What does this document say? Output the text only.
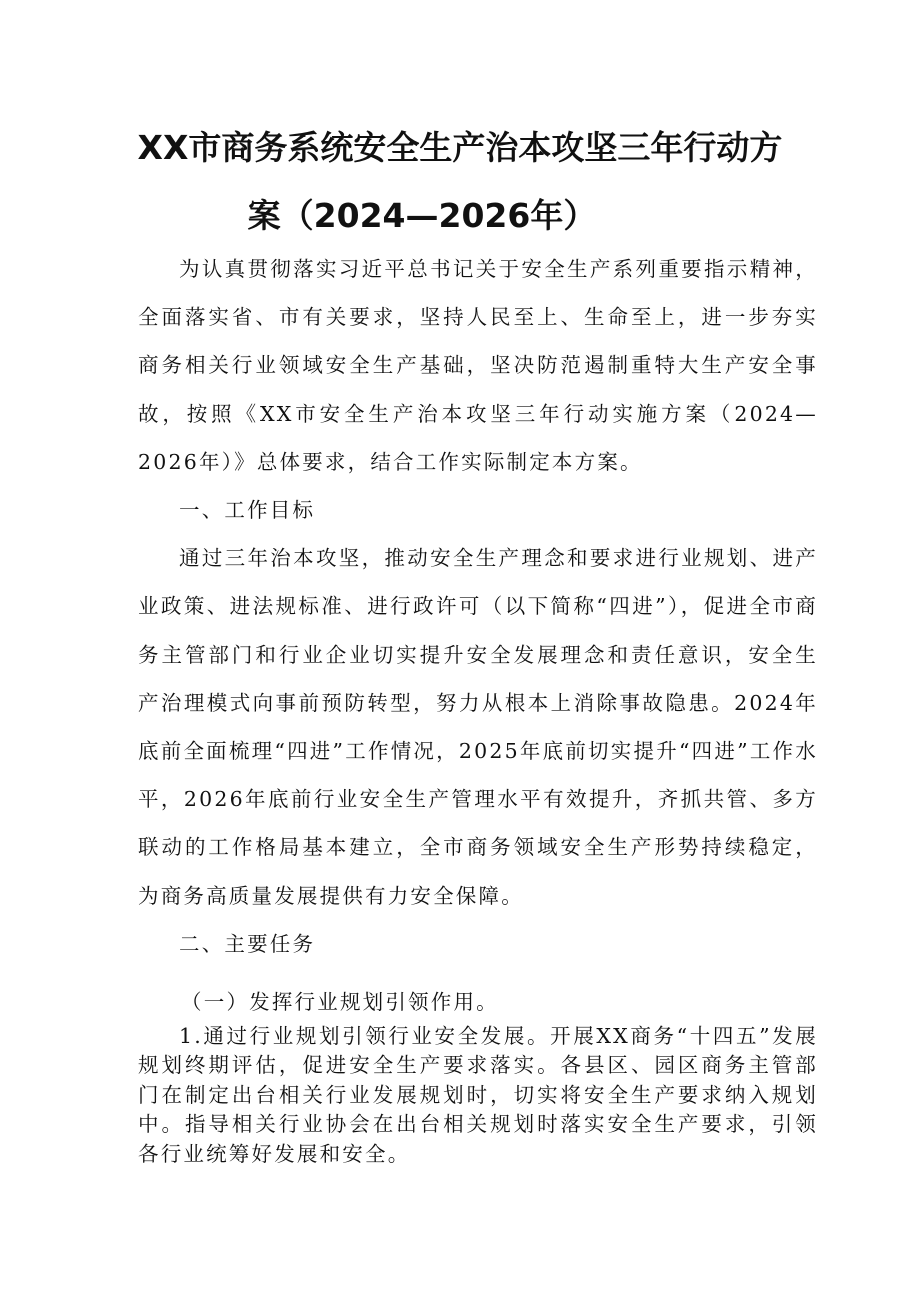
XX市商务系统安全生产治本攻坚三年行动方
案（2024—2026年）

为认真贯彻落实习近平总书记关于安全生产系列重要指示精神，全面落实省、市有关要求，坚持人民至上、生命至上，进一步夯实商务相关行业领域安全生产基础，坚决防范遏制重特大生产安全事故，按照《XX市安全生产治本攻坚三年行动实施方案（2024—2026年）》总体要求，结合工作实际制定本方案。

一、工作目标

通过三年治本攻坚，推动安全生产理念和要求进行业规划、进产业政策、进法规标准、进行政许可（以下简称“四进”），促进全市商务主管部门和行业企业切实提升安全发展理念和责任意识，安全生产治理模式向事前预防转型，努力从根本上消除事故隐患。2024年底前全面梳理“四进”工作情况，2025年底前切实提升“四进”工作水平，2026年底前行业安全生产管理水平有效提升，齐抓共管、多方联动的工作格局基本建立，全市商务领域安全生产形势持续稳定，为商务高质量发展提供有力安全保障。

二、主要任务

（一）发挥行业规划引领作用。

1.通过行业规划引领行业安全发展。开展XX商务“十四五”发展规划终期评估，促进安全生产要求落实。各县区、园区商务主管部门在制定出台相关行业发展规划时，切实将安全生产要求纳入规划中。指导相关行业协会在出台相关规划时落实安全生产要求，引领各行业统筹好发展和安全。
